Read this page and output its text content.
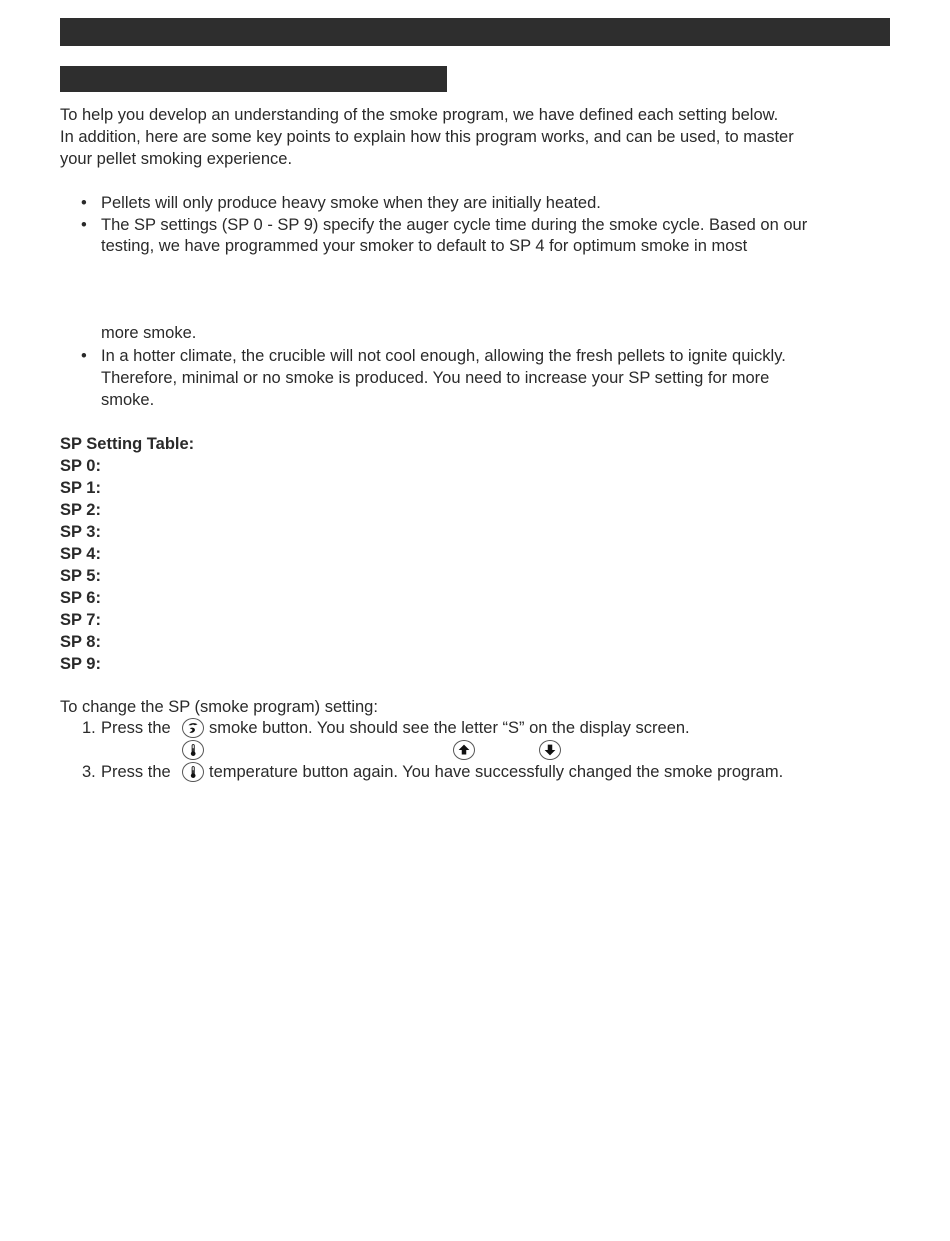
To help you develop an understanding of the smoke program, we have defined each setting below.
In addition, here are some key points to explain how this program works, and can be used, to master
your pellet smoking experience.
• Pellets will only produce heavy smoke when they are initially heated.
• The SP settings (SP 0 - SP 9) specify the auger cycle time during the smoke cycle. Based on our
testing, we have programmed your smoker to default to SP 4 for optimum smoke in most
more smoke.
• In a hotter climate, the crucible will not cool enough, allowing the fresh pellets to ignite quickly.
Therefore, minimal or no smoke is produced. You need to increase your SP setting for more
smoke.
SP Setting Table:
SP 0:
SP 1:
SP 2:
SP 3:
SP 4:
SP 5:
SP 6:
SP 7:
SP 8:
SP 9:
To change the SP (smoke program) setting:
1. Press the smoke button. You should see the letter “S” on the display screen.
3. Press the temperature button again. You have successfully changed the smoke program.
